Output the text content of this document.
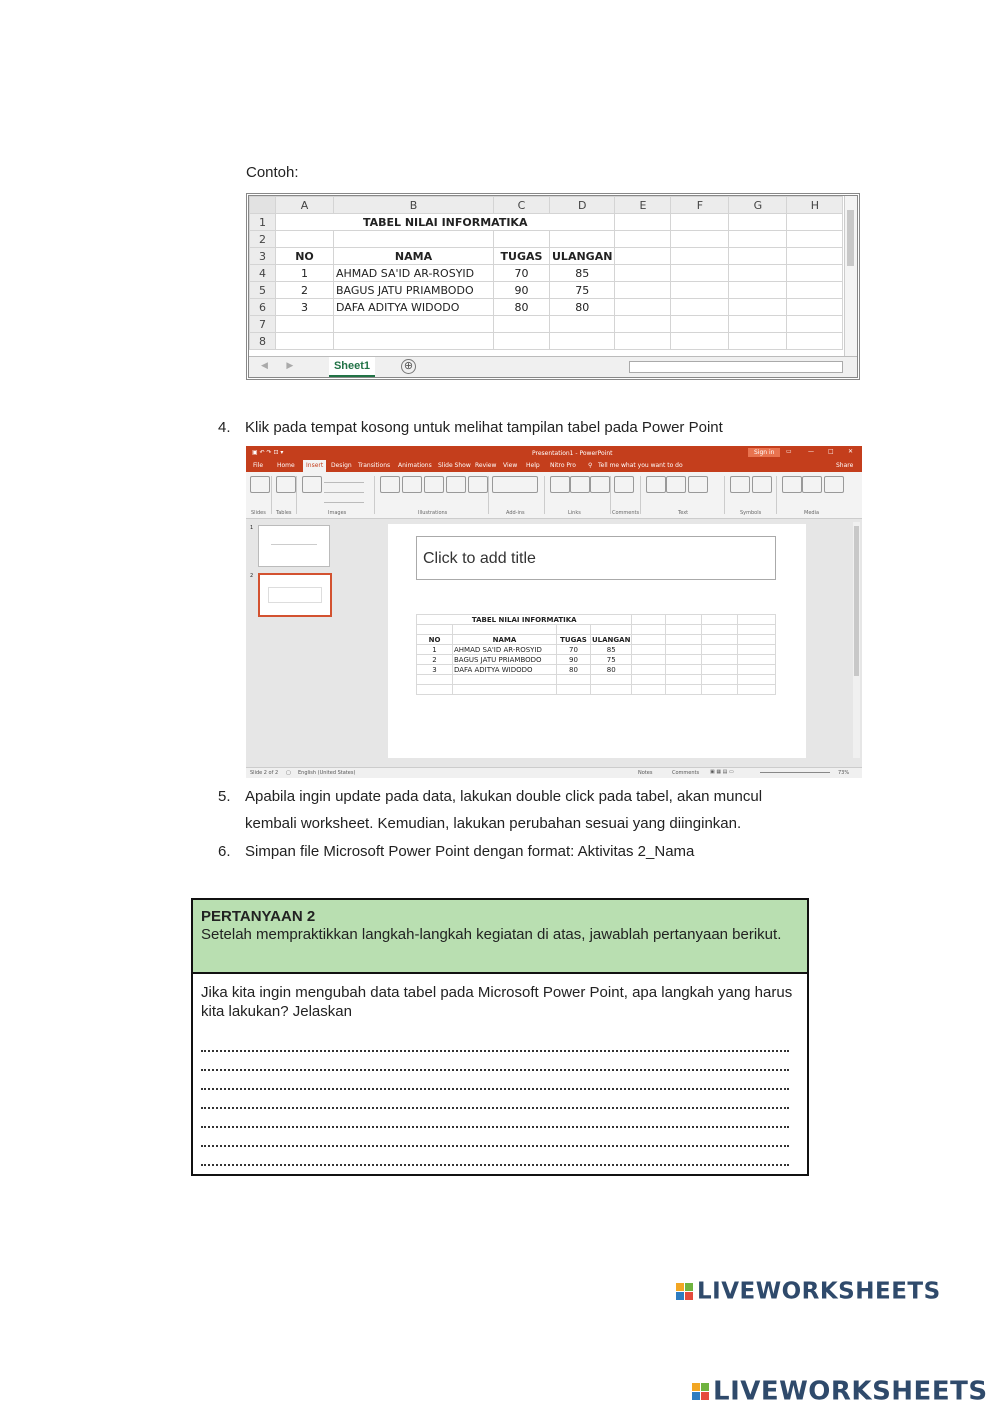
Contoh:
	A	B	C	D	E	F	G	H
1	TABEL NILAI INFORMATIKA							
2								
3	NO	NAMA	TUGAS	ULANGAN				
4	1	AHMAD SA'ID AR-ROSYID	70	85				
5	2	BAGUS JATU PRIAMBODO	90	75				
6	3	DAFA ADITYA WIDODO	80	80				
7								
8								
◀ ▶	Sheet1	⊕
4. Klik pada tempat kosong untuk melihat tampilan tabel pada Power Point
▣ ↶ ↷ ⊡ ▾	Presentation1 - PowerPoint	Sign in	▭	— □ ✕
File Home	Insert	Design Transitions Animations Slide Show Review View Help Nitro Pro ⚲ Tell me what you want to do	Share
Slides Tables	Images	Illustrations	Add-ins	Links	Comments	Text	Symbols	Media
1
2
Click to add title
TABEL NILAI INFORMATIKA							

NO	NAMA	TUGAS	ULANGAN				
1	AHMAD SA'ID AR-ROSYID	70	85				
2	BAGUS JATU PRIAMBODO	90	75				
3	DAFA ADITYA WIDODO	80	80				

Slide 2 of 2 ▢ English (United States)	Notes	Comments ▣ ▦ ▤ ▭	73%
5. Apabila ingin update pada data, lakukan double click pada tabel, akan muncul
kembali worksheet. Kemudian, lakukan perubahan sesuai yang diinginkan.
6. Simpan file Microsoft Power Point dengan format: Aktivitas 2_Nama
PERTANYAAN 2
Setelah mempraktikkan langkah-langkah kegiatan di atas, jawablah pertanyaan berikut.
Jika kita ingin mengubah data tabel pada Microsoft Power Point, apa langkah yang harus kita lakukan? Jelaskan
LIVEWORKSHEETS
LIVEWORKSHEETS
